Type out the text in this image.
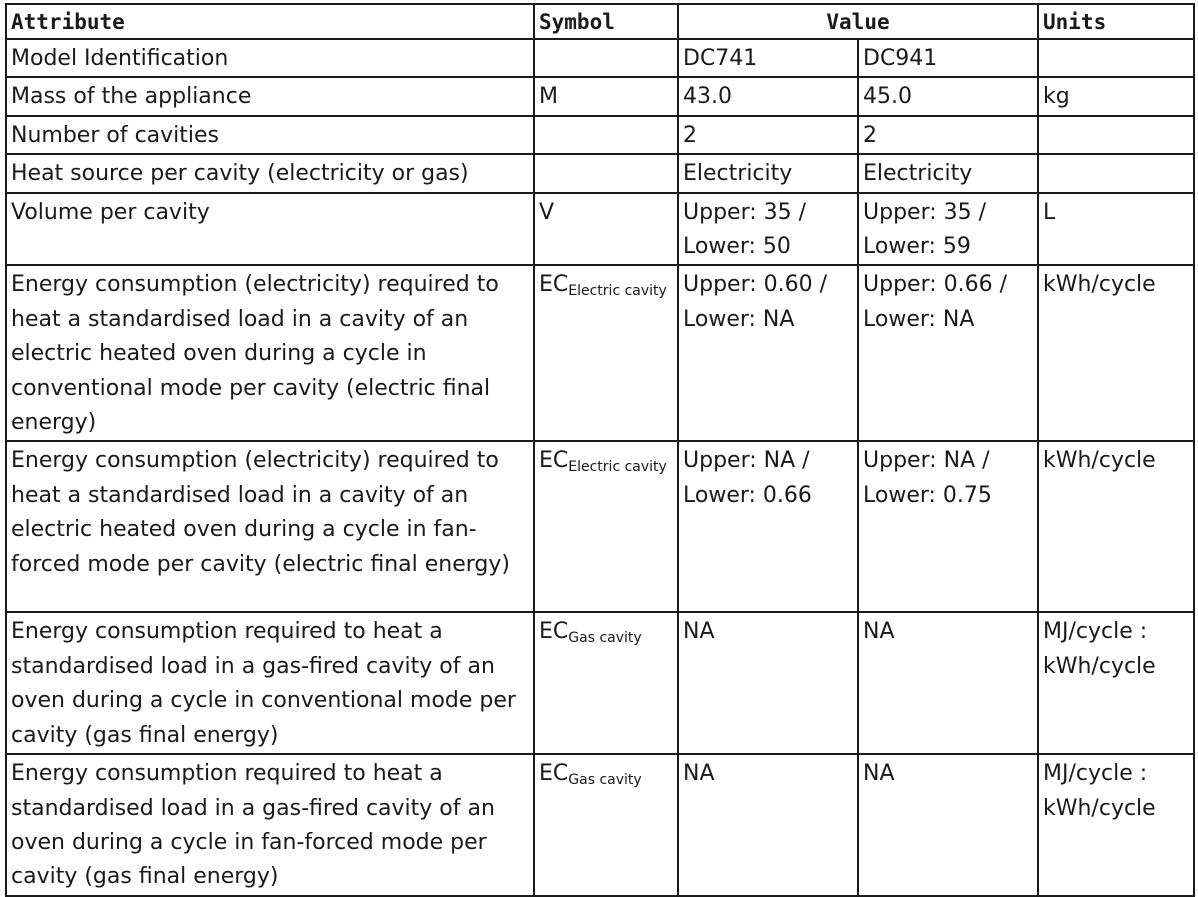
Attribute	Symbol	Value		Units
Model Identification		DC741	DC941	
Mass of the appliance	M	43.0	45.0	kg
Number of cavities		2	2	
Heat source per cavity (electricity or gas)		Electricity	Electricity	
Volume per cavity	V	Upper: 35 / Lower: 50	Upper: 35 / Lower: 59	L
Energy consumption (electricity) required to heat a standardised load in a cavity of an electric heated oven during a cycle in conventional mode per cavity (electric final energy)	$EC_{Electric cavity}$	Upper: 0.60 / Lower: NA	Upper: 0.66 / Lower: NA	kWh/cycle
Energy consumption (electricity) required to heat a standardised load in a cavity of an electric heated oven during a cycle in fan-forced mode per cavity (electric final energy)	$EC_{Electric cavity}$	Upper: NA / Lower: 0.66	Upper: NA / Lower: 0.75	kWh/cycle
Energy consumption required to heat a standardised load in a gas-fired cavity of an oven during a cycle in conventional mode per cavity (gas final energy)	$EC_{Gas cavity}$	NA	NA	MJ/cycle : kWh/cycle
Energy consumption required to heat a standardised load in a gas-fired cavity of an oven during a cycle in fan-forced mode per cavity (gas final energy)	$EC_{Gas cavity}$	NA	NA	MJ/cycle : kWh/cycle
